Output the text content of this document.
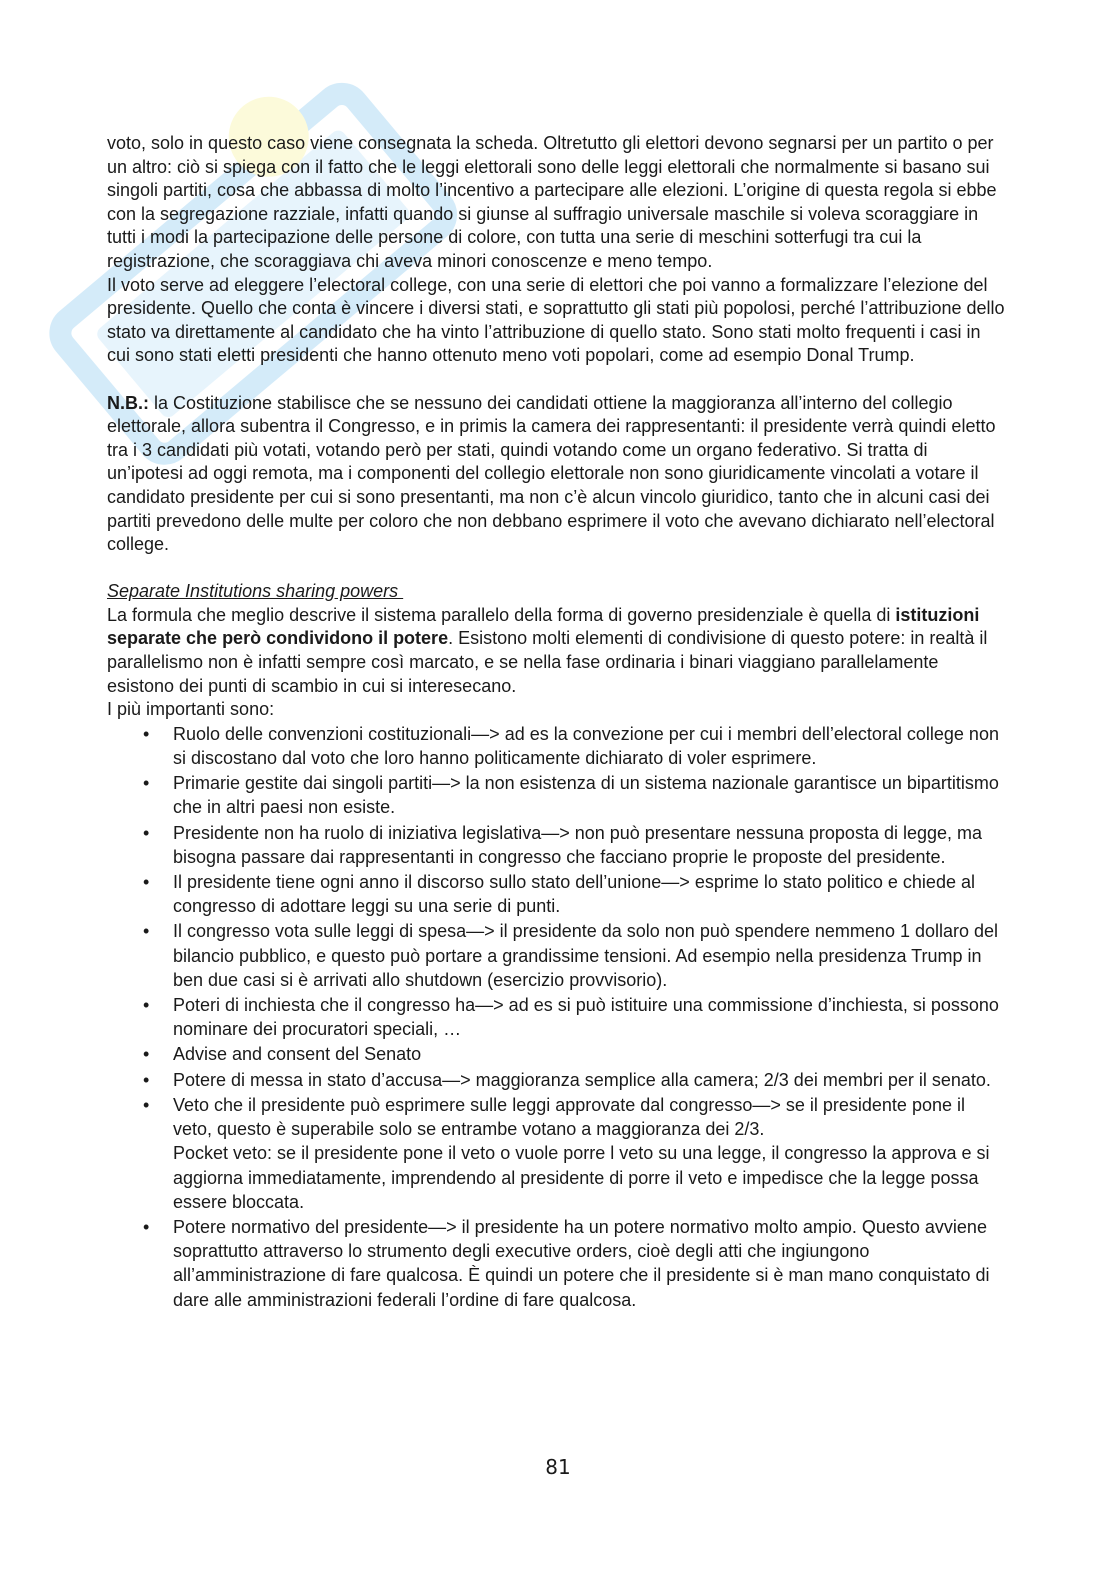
voto, solo in questo caso viene consegnata la scheda. Oltretutto gli elettori devono segnarsi per un partito o per un altro: ciò si spiega con il fatto che le leggi elettorali sono delle leggi elettorali che normalmente si basano sui singoli partiti, cosa che abbassa di molto l’incentivo a partecipare alle elezioni. L’origine di questa regola si ebbe con la segregazione razziale, infatti quando si giunse al suffragio universale maschile si voleva scoraggiare in tutti i modi la partecipazione delle persone di colore, con tutta una serie di meschini sotterfugi tra cui la registrazione, che scoraggiava chi aveva minori conoscenze e meno tempo.

Il voto serve ad eleggere l’electoral college, con una serie di elettori che poi vanno a formalizzare l’elezione del presidente. Quello che conta è vincere i diversi stati, e soprattutto gli stati più popolosi, perché l’attribuzione dello stato va direttamente al candidato che ha vinto l’attribuzione di quello stato. Sono stati molto frequenti i casi in cui sono stati eletti presidenti che hanno ottenuto meno voti popolari, come ad esempio Donal Trump.

N.B.: la Costituzione stabilisce che se nessuno dei candidati ottiene la maggioranza all’interno del collegio elettorale, allora subentra il Congresso, e in primis la camera dei rappresentanti: il presidente verrà quindi eletto tra i 3 candidati più votati, votando però per stati, quindi votando come un organo federativo. Si tratta di un’ipotesi ad oggi remota, ma i componenti del collegio elettorale non sono giuridicamente vincolati a votare il candidato presidente per cui si sono presentanti, ma non c’è alcun vincolo giuridico, tanto che in alcuni casi dei partiti prevedono delle multe per coloro che non debbano esprimere il voto che avevano dichiarato nell’electoral college.

Separate Institutions sharing powers

La formula che meglio descrive il sistema parallelo della forma di governo presidenziale è quella di istituzioni separate che però condividono il potere. Esistono molti elementi di condivisione di questo potere: in realtà il parallelismo non è infatti sempre così marcato, e se nella fase ordinaria i binari viaggiano parallelamente esistono dei punti di scambio in cui si interesecano.

I più importanti sono:

• Ruolo delle convenzioni costituzionali—> ad es la convezione per cui i membri dell’electoral college non si discostano dal voto che loro hanno politicamente dichiarato di voler esprimere.
• Primarie gestite dai singoli partiti—> la non esistenza di un sistema nazionale garantisce un bipartitismo che in altri paesi non esiste.
• Presidente non ha ruolo di iniziativa legislativa—> non può presentare nessuna proposta di legge, ma bisogna passare dai rappresentanti in congresso che facciano proprie le proposte del presidente.
• Il presidente tiene ogni anno il discorso sullo stato dell’unione—> esprime lo stato politico e chiede al congresso di adottare leggi su una serie di punti.
• Il congresso vota sulle leggi di spesa—> il presidente da solo non può spendere nemmeno 1 dollaro del bilancio pubblico, e questo può portare a grandissime tensioni. Ad esempio nella presidenza Trump in ben due casi si è arrivati allo shutdown (esercizio provvisorio).
• Poteri di inchiesta che il congresso ha—> ad es si può istituire una commissione d’inchiesta, si possono nominare dei procuratori speciali, …
• Advise and consent del Senato
• Potere di messa in stato d’accusa—> maggioranza semplice alla camera; 2/3 dei membri per il senato.
• Veto che il presidente può esprimere sulle leggi approvate dal congresso—> se il presidente pone il veto, questo è superabile solo se entrambe votano a maggioranza dei 2/3.
Pocket veto: se il presidente pone il veto o vuole porre l veto su una legge, il congresso la approva e si aggiorna immediatamente, imprendendo al presidente di porre il veto e impedisce che la legge possa essere bloccata.
• Potere normativo del presidente—> il presidente ha un potere normativo molto ampio. Questo avviene soprattutto attraverso lo strumento degli executive orders, cioè degli atti che ingiungono all’amministrazione di fare qualcosa. È quindi un potere che il presidente si è man mano conquistato di dare alle amministrazioni federali l’ordine di fare qualcosa.
81
